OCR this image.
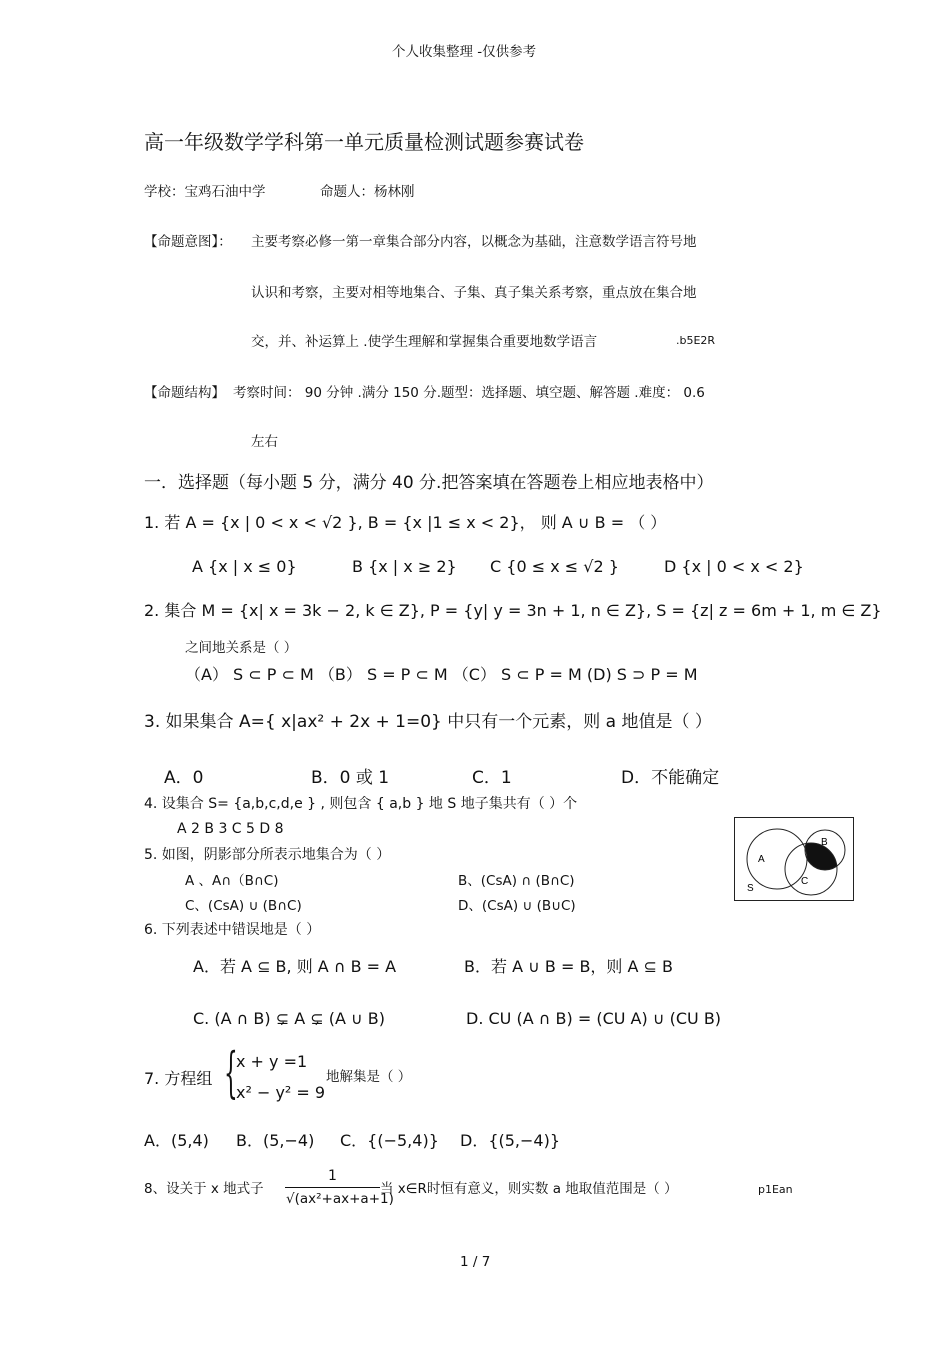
个人收集整理 -仅供参考
高一年级数学学科第一单元质量检测试题参赛试卷
学校：宝鸡石油中学	命题人：杨林刚
【命题意图】： 主要考察必修一第一章集合部分内容，以概念为基础，注意数学语言符号地
认识和考察，主要对相等地集合、子集、真子集关系考察，重点放在集合地
交，并、补运算上 .使学生理解和掌握集合重要地数学语言	.b5E2R
【命题结构】 考察时间： 90 分钟 .满分 150 分.题型：选择题、填空题、解答题 .难度： 0.6
左右
一．选择题（每小题 5 分，满分 40 分.把答案填在答题卷上相应地表格中）
1. 若 A = {x | 0 < x < √2 }, B = {x |1 ≤ x < 2}， 则 A ∪ B = （ ）
A {x | x ≤ 0}	B {x | x ≥ 2} C {0 ≤ x ≤ √2 }	D {x | 0 < x < 2}
2. 集合 M = {x| x = 3k − 2, k ∈ Z}, P = {y| y = 3n + 1, n ∈ Z}, S = {z| z = 6m + 1, m ∈ Z}
之间地关系是（ ）
（A） S ⊂ P ⊂ M （B） S = P ⊂ M （C） S ⊂ P = M (D) S ⊃ P = M
3. 如果集合 A={ x|ax² + 2x + 1=0} 中只有一个元素，则 a 地值是（ ）
A．0	B．0 或 1	C．1	D．不能确定
4. 设集合 S= {a,b,c,d,e } , 则包含 { a,b } 地 S 地子集共有（ ）个
A 2 B 3 C 5 D 8
5. 如图，阴影部分所表示地集合为（ ）
A 、A∩（B∩C)	B、(CsA) ∩ (B∩C)
C、(CsA) ∪ (B∩C)	D、(CsA) ∪ (B∪C)
A
B
C
S
6. 下列表述中错误地是（ ）
A．若 A ⊆ B, 则 A ∩ B = A	B．若 A ∪ B = B，则 A ⊆ B
C. (A ∩ B) ⊊ A ⊊ (A ∪ B)	D. CU (A ∩ B) = (CU A) ∪ (CU B)
7. 方程组 {
x + y =1
x² − y² = 9
地解集是（ ）
A．(5,4) B．(5,−4) C．{(−5,4)} D．{(5,−4)}
8、设关于 x 地式子
1
√(ax²+ax+a+1)
当 x∈R时恒有意义，则实数 a 地取值范围是（ ）	p1Ean
1 / 7
